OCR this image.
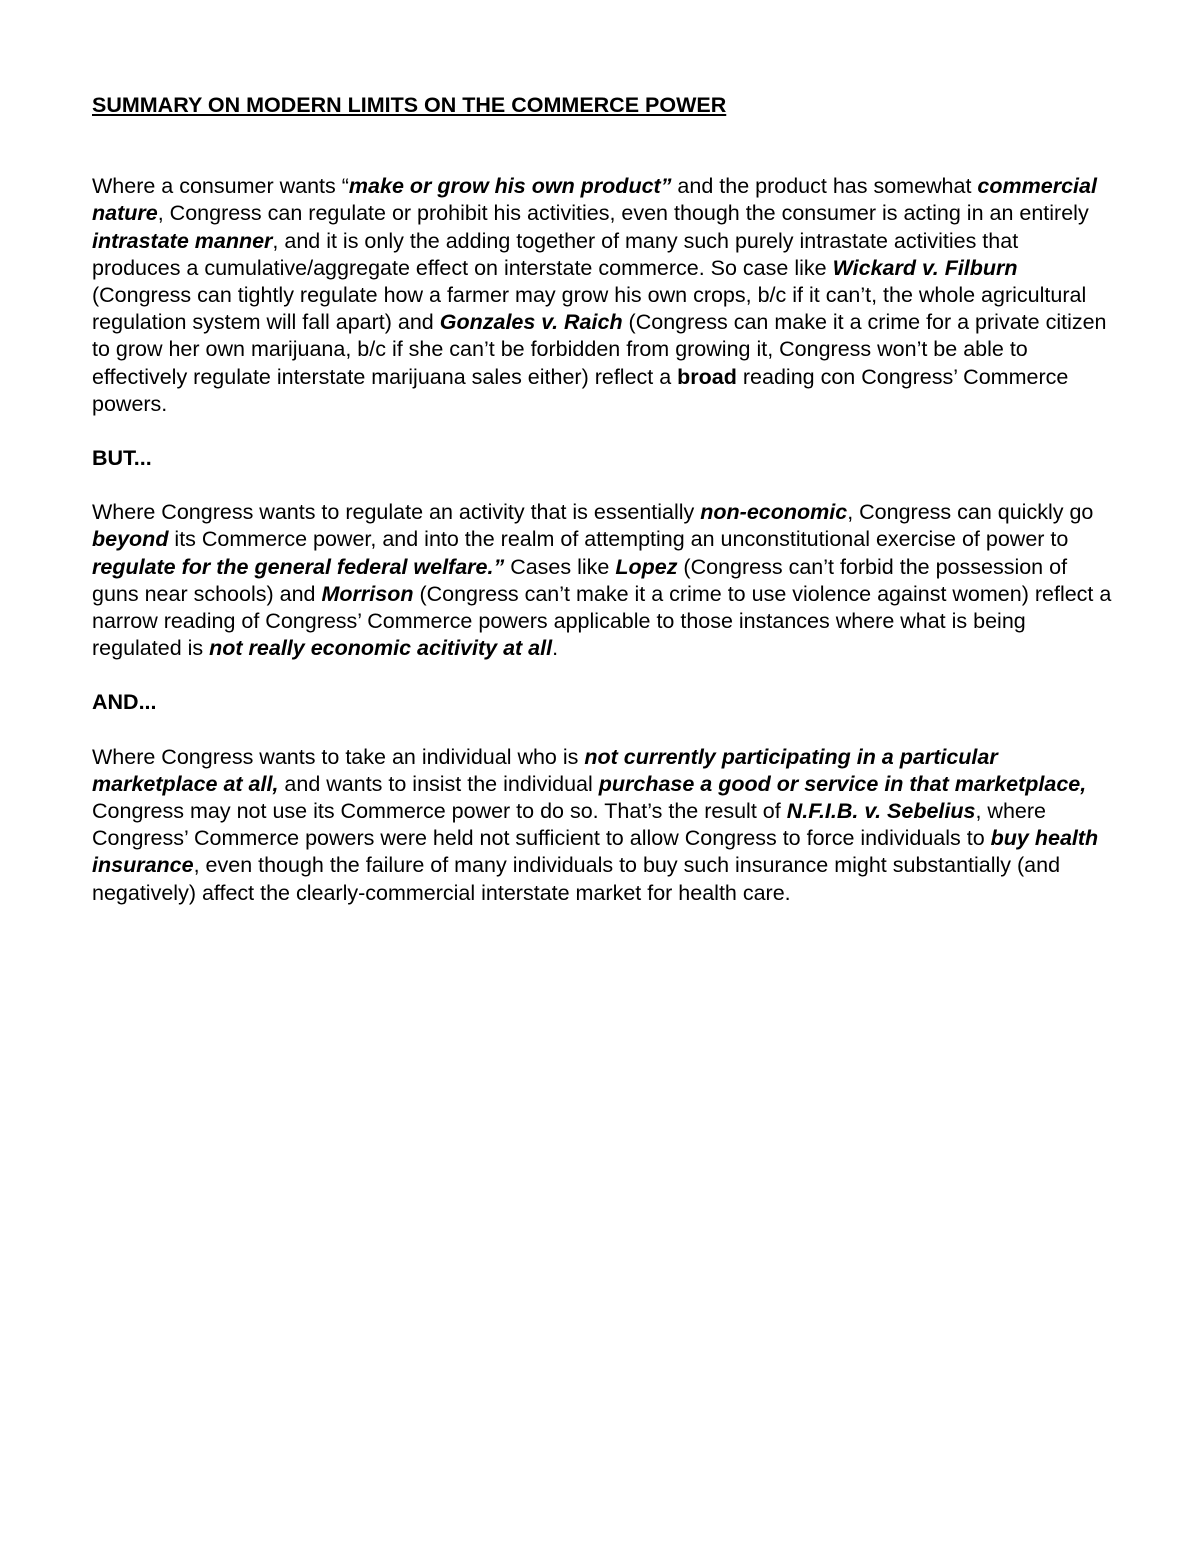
SUMMARY ON MODERN LIMITS ON THE COMMERCE POWER

Where a consumer wants “make or grow his own product” and the product has somewhat commercial nature, Congress can regulate or prohibit his activities, even though the consumer is acting in an entirely intrastate manner, and it is only the adding together of many such purely intrastate activities that produces a cumulative/aggregate effect on interstate commerce. So case like Wickard v. Filburn (Congress can tightly regulate how a farmer may grow his own crops, b/c if it can’t, the whole agricultural regulation system will fall apart) and Gonzales v. Raich (Congress can make it a crime for a private citizen to grow her own marijuana, b/c if she can’t be forbidden from growing it, Congress won’t be able to effectively regulate interstate marijuana sales either) reflect a broad reading con Congress’ Commerce powers.

BUT...

Where Congress wants to regulate an activity that is essentially non-economic, Congress can quickly go beyond its Commerce power, and into the realm of attempting an unconstitutional exercise of power to regulate for the general federal welfare.” Cases like Lopez (Congress can’t forbid the possession of guns near schools) and Morrison (Congress can’t make it a crime to use violence against women) reflect a narrow reading of Congress’ Commerce powers applicable to those instances where what is being regulated is not really economic acitivity at all.

AND...

Where Congress wants to take an individual who is not currently participating in a particular marketplace at all, and wants to insist the individual purchase a good or service in that marketplace, Congress may not use its Commerce power to do so. That’s the result of N.F.I.B. v. Sebelius, where Congress’ Commerce powers were held not sufficient to allow Congress to force individuals to buy health insurance, even though the failure of many individuals to buy such insurance might substantially (and negatively) affect the clearly-commercial interstate market for health care.
